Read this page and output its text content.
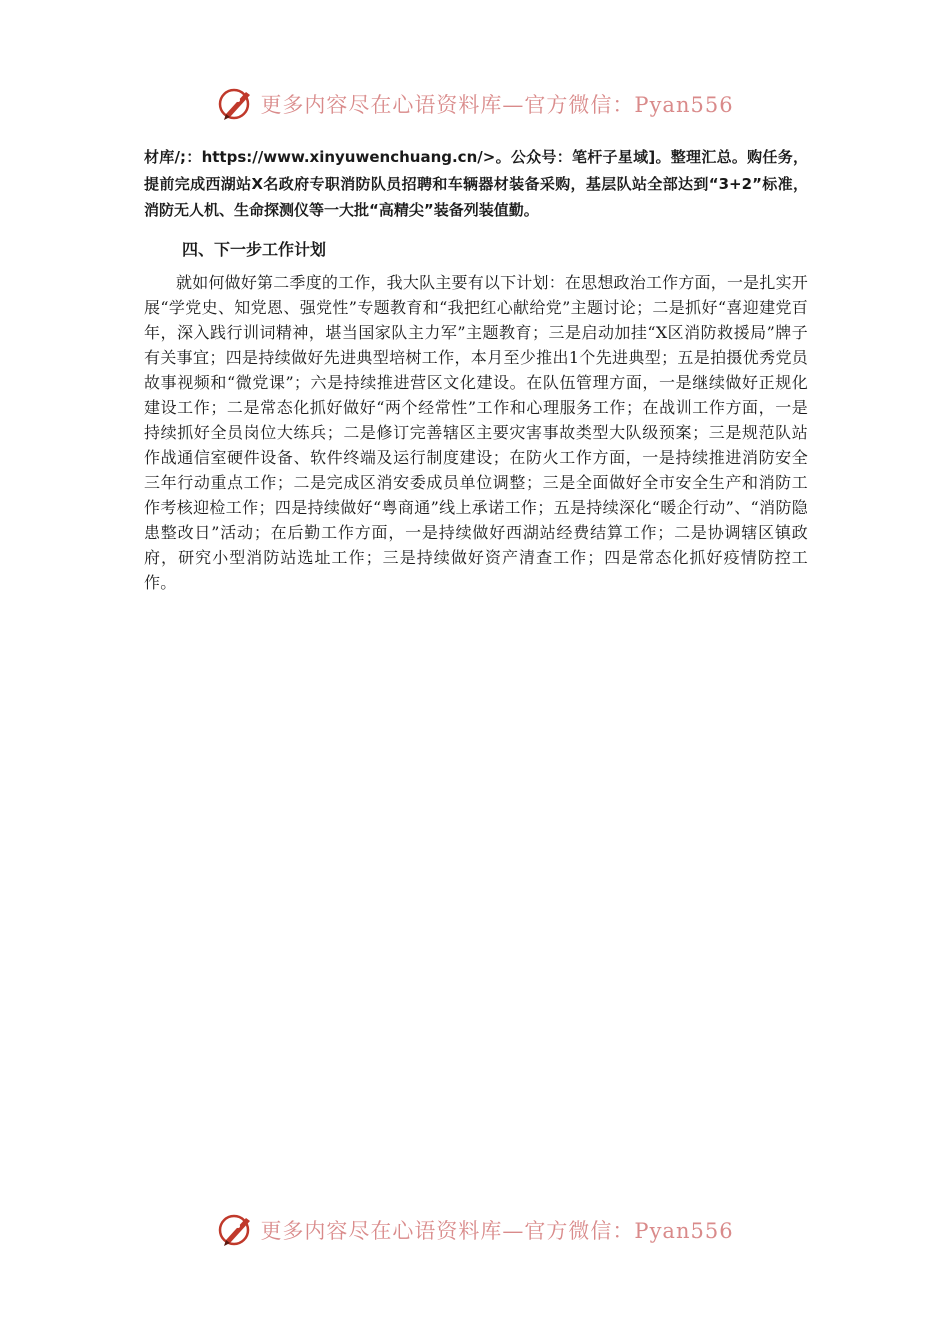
更多内容尽在心语资料库—官方微信：Pyan556

材库/;：https://www.xinyuwenchuang.cn/>。公众号：笔杆子星域]。整理汇总。购任务，提前完成西湖站Ⅹ名政府专职消防队员招聘和车辆器材装备采购，基层队站全部达到“3+2”标准，消防无人机、生命探测仪等一大批“高精尖”装备列装值勤。

四、下一步工作计划

就如何做好第二季度的工作，我大队主要有以下计划：在思想政治工作方面，一是扎实开展“学党史、知党恩、强党性”专题教育和“我把红心献给党”主题讨论；二是抓好“喜迎建党百年，深入践行训词精神，堪当国家队主力军”主题教育；三是启动加挂“X区消防救援局”牌子有关事宜；四是持续做好先进典型培树工作，本月至少推出1个先进典型；五是拍摄优秀党员故事视频和“微党课”；六是持续推进营区文化建设。在队伍管理方面，一是继续做好正规化建设工作；二是常态化抓好做好“两个经常性”工作和心理服务工作；在战训工作方面，一是持续抓好全员岗位大练兵；二是修订完善辖区主要灾害事故类型大队级预案；三是规范队站作战通信室硬件设备、软件终端及运行制度建设；在防火工作方面，一是持续推进消防安全三年行动重点工作；二是完成区消安委成员单位调整；三是全面做好全市安全生产和消防工作考核迎检工作；四是持续做好“粤商通”线上承诺工作；五是持续深化“暖企行动”、“消防隐患整改日”活动；在后勤工作方面，一是持续做好西湖站经费结算工作；二是协调辖区镇政府，研究小型消防站选址工作；三是持续做好资产清查工作；四是常态化抓好疫情防控工作。

更多内容尽在心语资料库—官方微信：Pyan556
